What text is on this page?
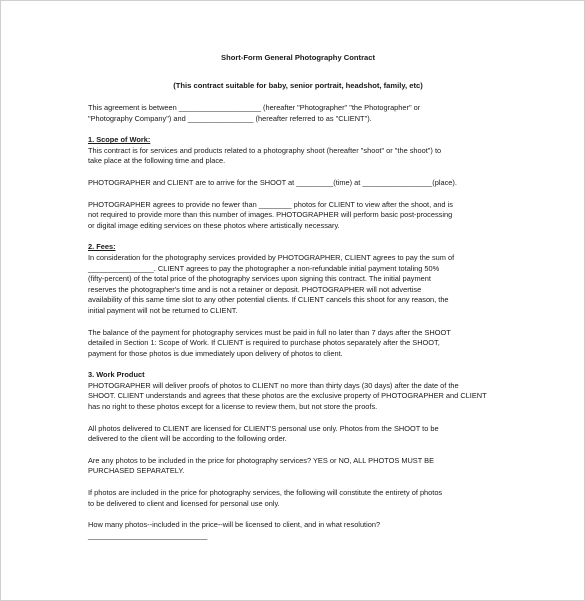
Short-Form General Photography Contract

(This contract suitable for baby, senior portrait, headshot, family, etc)

This agreement is between ____________________ (hereafter "Photographer" "the Photographer" or

"Photography Company") and ________________ (hereafter referred to as "CLIENT").

1. Scope of Work:

This contract is for services and products related to a photography shoot (hereafter "shoot" or "the shoot") to

take place at the following time and place.

PHOTOGRAPHER and CLIENT are to arrive for the SHOOT at _________(time) at _________________(place).

PHOTOGRAPHER agrees to provide no fewer than ________ photos for CLIENT to view after the shoot, and is

not required to provide more than this number of images. PHOTOGRAPHER will perform basic post-processing

or digital image editing services on these photos where artistically necessary.

2. Fees:

In consideration for the photography services provided by PHOTOGRAPHER, CLIENT agrees to pay the sum of

________________. CLIENT agrees to pay the photographer a non-refundable initial payment totaling 50%

(fifty-percent) of the total price of the photography services upon signing this contract. The initial payment

reserves the photographer's time and is not a retainer or deposit. PHOTOGRAPHER will not advertise

availability of this same time slot to any other potential clients. If CLIENT cancels this shoot for any reason, the

initial payment will not be returned to CLIENT.

The balance of the payment for photography services must be paid in full no later than 7 days after the SHOOT

detailed in Section 1: Scope of Work. If CLIENT is required to purchase photos separately after the SHOOT,

payment for those photos is due immediately upon delivery of photos to client.

3. Work Product

PHOTOGRAPHER will deliver proofs of photos to CLIENT no more than thirty days (30 days) after the date of the

SHOOT. CLIENT understands and agrees that these photos are the exclusive property of PHOTOGRAPHER and CLIENT

has no right to these photos except for a license to review them, but not store the proofs.

All photos delivered to CLIENT are licensed for CLIENT'S personal use only. Photos from the SHOOT to be

delivered to the client will be according to the following order.

Are any photos to be included in the price for photography services? YES or NO, ALL PHOTOS MUST BE

PURCHASED SEPARATELY.

If photos are included in the price for photography services, the following will constitute the entirety of photos

to be delivered to client and licensed for personal use only.

How many photos--included in the price--will be licensed to client, and in what resolution?

_____________________________
